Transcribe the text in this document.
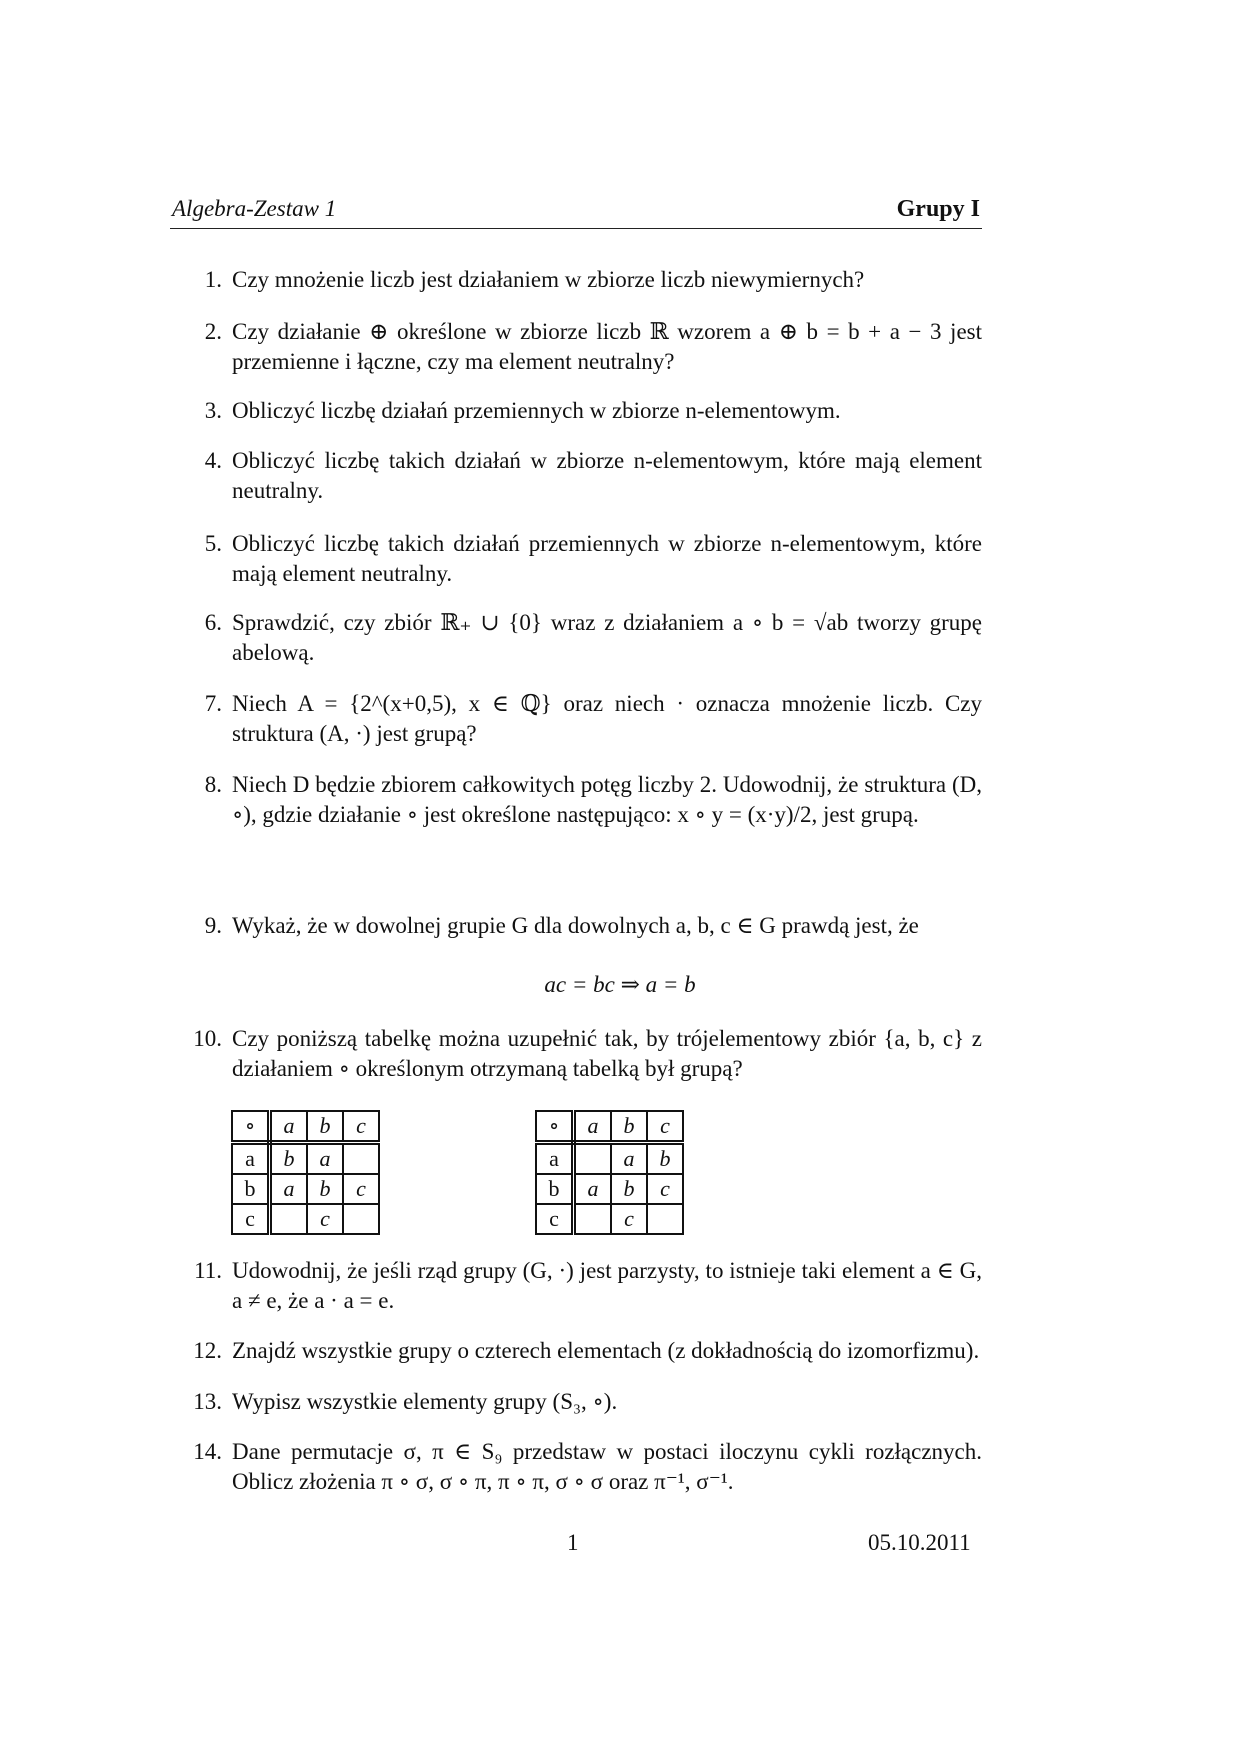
Algebra-Zestaw 1	Grupy I
1. Czy mnożenie liczb jest działaniem w zbiorze liczb niewymiernych?
2. Czy działanie ⊕ określone w zbiorze liczb ℝ wzorem a ⊕ b = b + a − 3 jest przemienne i łączne, czy ma element neutralny?
3. Obliczyć liczbę działań przemiennych w zbiorze n-elementowym.
4. Obliczyć liczbę takich działań w zbiorze n-elementowym, które mają element neutralny.
5. Obliczyć liczbę takich działań przemiennych w zbiorze n-elementowym, które mają element neutralny.
6. Sprawdzić, czy zbiór ℝ₊ ∪ {0} wraz z działaniem a ∘ b = √ab tworzy grupę abelową.
7. Niech A = {2^(x+0,5), x ∈ ℚ} oraz niech · oznacza mnożenie liczb. Czy struktura (A, ·) jest grupą?
8. Niech D będzie zbiorem całkowitych potęg liczby 2. Udowodnij, że struktura (D, ∘), gdzie działanie ∘ jest określone następująco: x ∘ y = (x·y)/2, jest grupą.
9. Wykaż, że w dowolnej grupie G dla dowolnych a, b, c ∈ G prawdą jest, że
10. Czy poniższą tabelkę można uzupełnić tak, by trójelementowy zbiór {a, b, c} z działaniem ∘ określonym otrzymaną tabelką był grupą?
11. Udowodnij, że jeśli rząd grupy (G, ·) jest parzysty, to istnieje taki element a ∈ G, a ≠ e, że a · a = e.
12. Znajdź wszystkie grupy o czterech elementach (z dokładnością do izomorfizmu).
13. Wypisz wszystkie elementy grupy (S₃, ∘).
14. Dane permutacje σ, π ∈ S₉ przedstaw w postaci iloczynu cykli rozłącznych. Oblicz złożenia π ∘ σ, σ ∘ π, π ∘ π, σ ∘ σ oraz π⁻¹, σ⁻¹.
ac = bc ⇒ a = b
∘	a	b	c
a	b	a	
b	a	b	c
c		c	
∘	a	b	c
a		a	b
b	a	b	c
c		c	
1	05.10.2011
